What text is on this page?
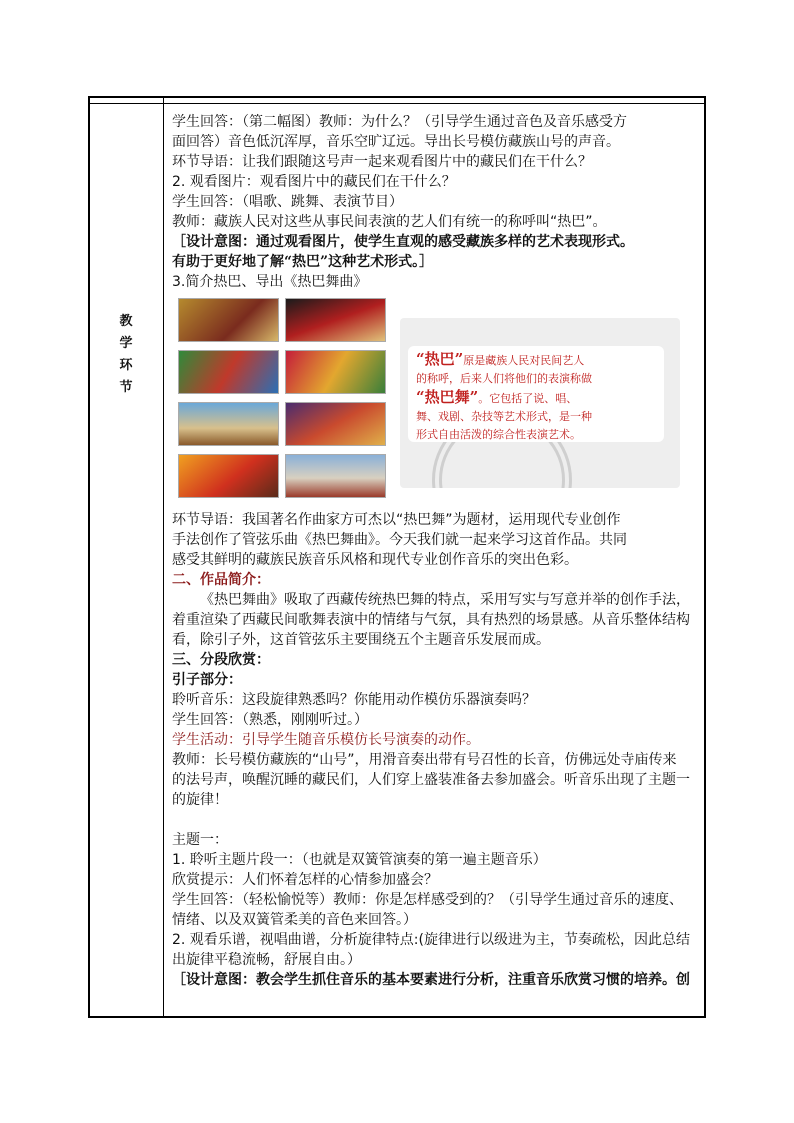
教
学
环
节
学生回答：（第二幅图）教师：为什么？（引导学生通过音色及音乐感受方
面回答）音色低沉浑厚，音乐空旷辽远。导出长号模仿藏族山号的声音。
环节导语：让我们跟随这号声一起来观看图片中的藏民们在干什么？
2. 观看图片：观看图片中的藏民们在干什么？
学生回答：（唱歌、跳舞、表演节目）
教师：藏族人民对这些从事民间表演的艺人们有统一的称呼叫“热巴”。
［设计意图：通过观看图片，使学生直观的感受藏族多样的艺术表现形式。
有助于更好地了解“热巴”这种艺术形式。］
3.简介热巴、导出《热巴舞曲》
“热巴”原是藏族人民对民间艺人
的称呼，后来人们将他们的表演称做
“热巴舞”。它包括了说、唱、
舞、戏剧、杂技等艺术形式，是一种
形式自由活泼的综合性表演艺术。
环节导语：我国著名作曲家方可杰以“热巴舞”为题材，运用现代专业创作
手法创作了管弦乐曲《热巴舞曲》。今天我们就一起来学习这首作品。共同
感受其鲜明的藏族民族音乐风格和现代专业创作音乐的突出色彩。
二、作品简介：
《热巴舞曲》吸取了西藏传统热巴舞的特点，采用写实与写意并举的创作手法，
着重渲染了西藏民间歌舞表演中的情绪与气氛，具有热烈的场景感。从音乐整体结构
看，除引子外，这首管弦乐主要围绕五个主题音乐发展而成。
三、分段欣赏：
引子部分：
聆听音乐：这段旋律熟悉吗？你能用动作模仿乐器演奏吗？
学生回答：（熟悉，刚刚听过。）
学生活动：引导学生随音乐模仿长号演奏的动作。
教师：长号模仿藏族的“山号”，用滑音奏出带有号召性的长音，仿佛远处寺庙传来
的法号声，唤醒沉睡的藏民们，人们穿上盛装准备去参加盛会。听音乐出现了主题一
的旋律！
主题一：
1. 聆听主题片段一：（也就是双簧管演奏的第一遍主题音乐）
欣赏提示：人们怀着怎样的心情参加盛会？
学生回答：（轻松愉悦等）教师：你是怎样感受到的？（引导学生通过音乐的速度、
情绪、以及双簧管柔美的音色来回答。）
2. 观看乐谱，视唱曲谱，分析旋律特点:(旋律进行以级进为主，节奏疏松，因此总结
出旋律平稳流畅，舒展自由。）
［设计意图：教会学生抓住音乐的基本要素进行分析，注重音乐欣赏习惯的培养。创
